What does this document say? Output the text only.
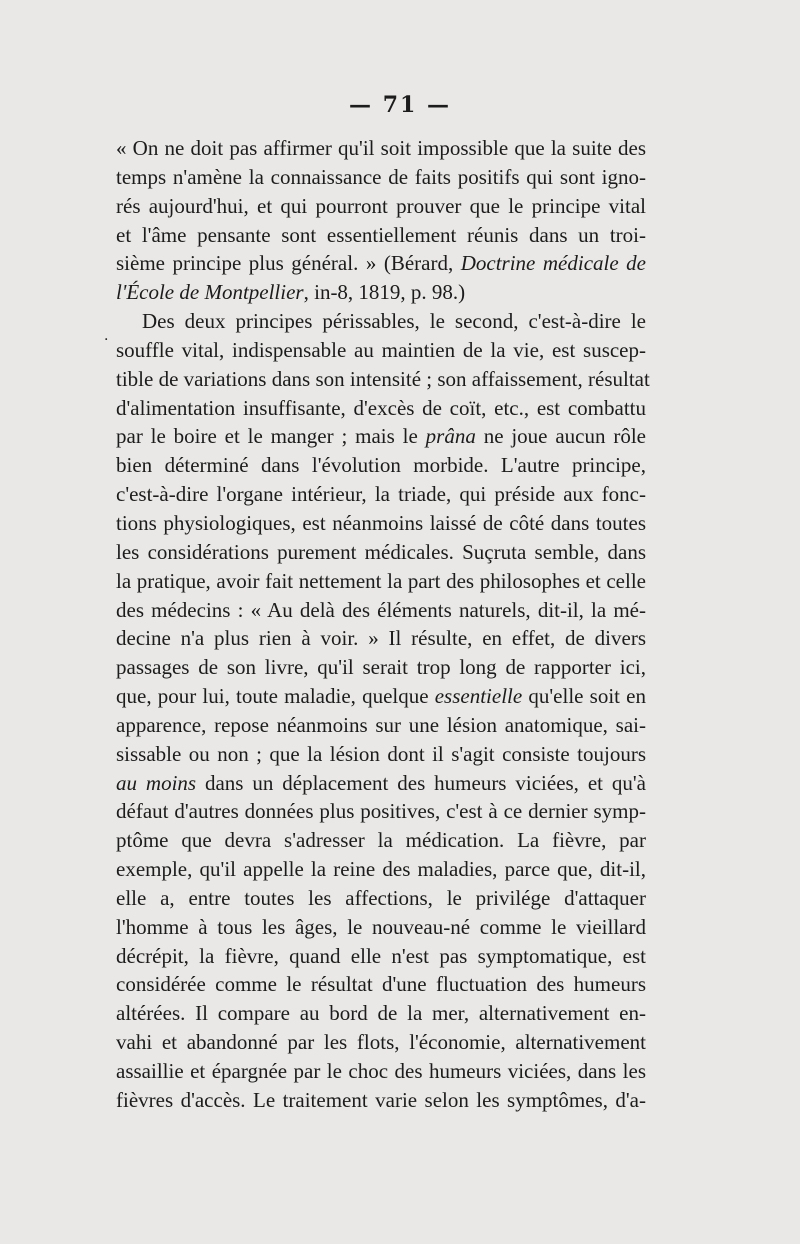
— 71 —
·
« On ne doit pas affirmer qu'il soit impossible que la suite des
temps n'amène la connaissance de faits positifs qui sont igno-
rés aujourd'hui, et qui pourront prouver que le principe vital
et l'âme pensante sont essentiellement réunis dans un troi-
sième principe plus général. » (Bérard, Doctrine médicale de
l'École de Montpellier, in-8, 1819, p. 98.)
Des deux principes périssables, le second, c'est-à-dire le
souffle vital, indispensable au maintien de la vie, est suscep-
tible de variations dans son intensité ; son affaissement, résultat
d'alimentation insuffisante, d'excès de coït, etc., est combattu
par le boire et le manger ; mais le prâna ne joue aucun rôle
bien déterminé dans l'évolution morbide. L'autre principe,
c'est-à-dire l'organe intérieur, la triade, qui préside aux fonc-
tions physiologiques, est néanmoins laissé de côté dans toutes
les considérations purement médicales. Suçruta semble, dans
la pratique, avoir fait nettement la part des philosophes et celle
des médecins : « Au delà des éléments naturels, dit-il, la mé-
decine n'a plus rien à voir. » Il résulte, en effet, de divers
passages de son livre, qu'il serait trop long de rapporter ici,
que, pour lui, toute maladie, quelque essentielle qu'elle soit en
apparence, repose néanmoins sur une lésion anatomique, sai-
sissable ou non ; que la lésion dont il s'agit consiste toujours
au moins dans un déplacement des humeurs viciées, et qu'à
défaut d'autres données plus positives, c'est à ce dernier symp-
ptôme que devra s'adresser la médication. La fièvre, par
exemple, qu'il appelle la reine des maladies, parce que, dit-il,
elle a, entre toutes les affections, le privilége d'attaquer
l'homme à tous les âges, le nouveau-né comme le vieillard
décrépit, la fièvre, quand elle n'est pas symptomatique, est
considérée comme le résultat d'une fluctuation des humeurs
altérées. Il compare au bord de la mer, alternativement en-
vahi et abandonné par les flots, l'économie, alternativement
assaillie et épargnée par le choc des humeurs viciées, dans les
fièvres d'accès. Le traitement varie selon les symptômes, d'a-
